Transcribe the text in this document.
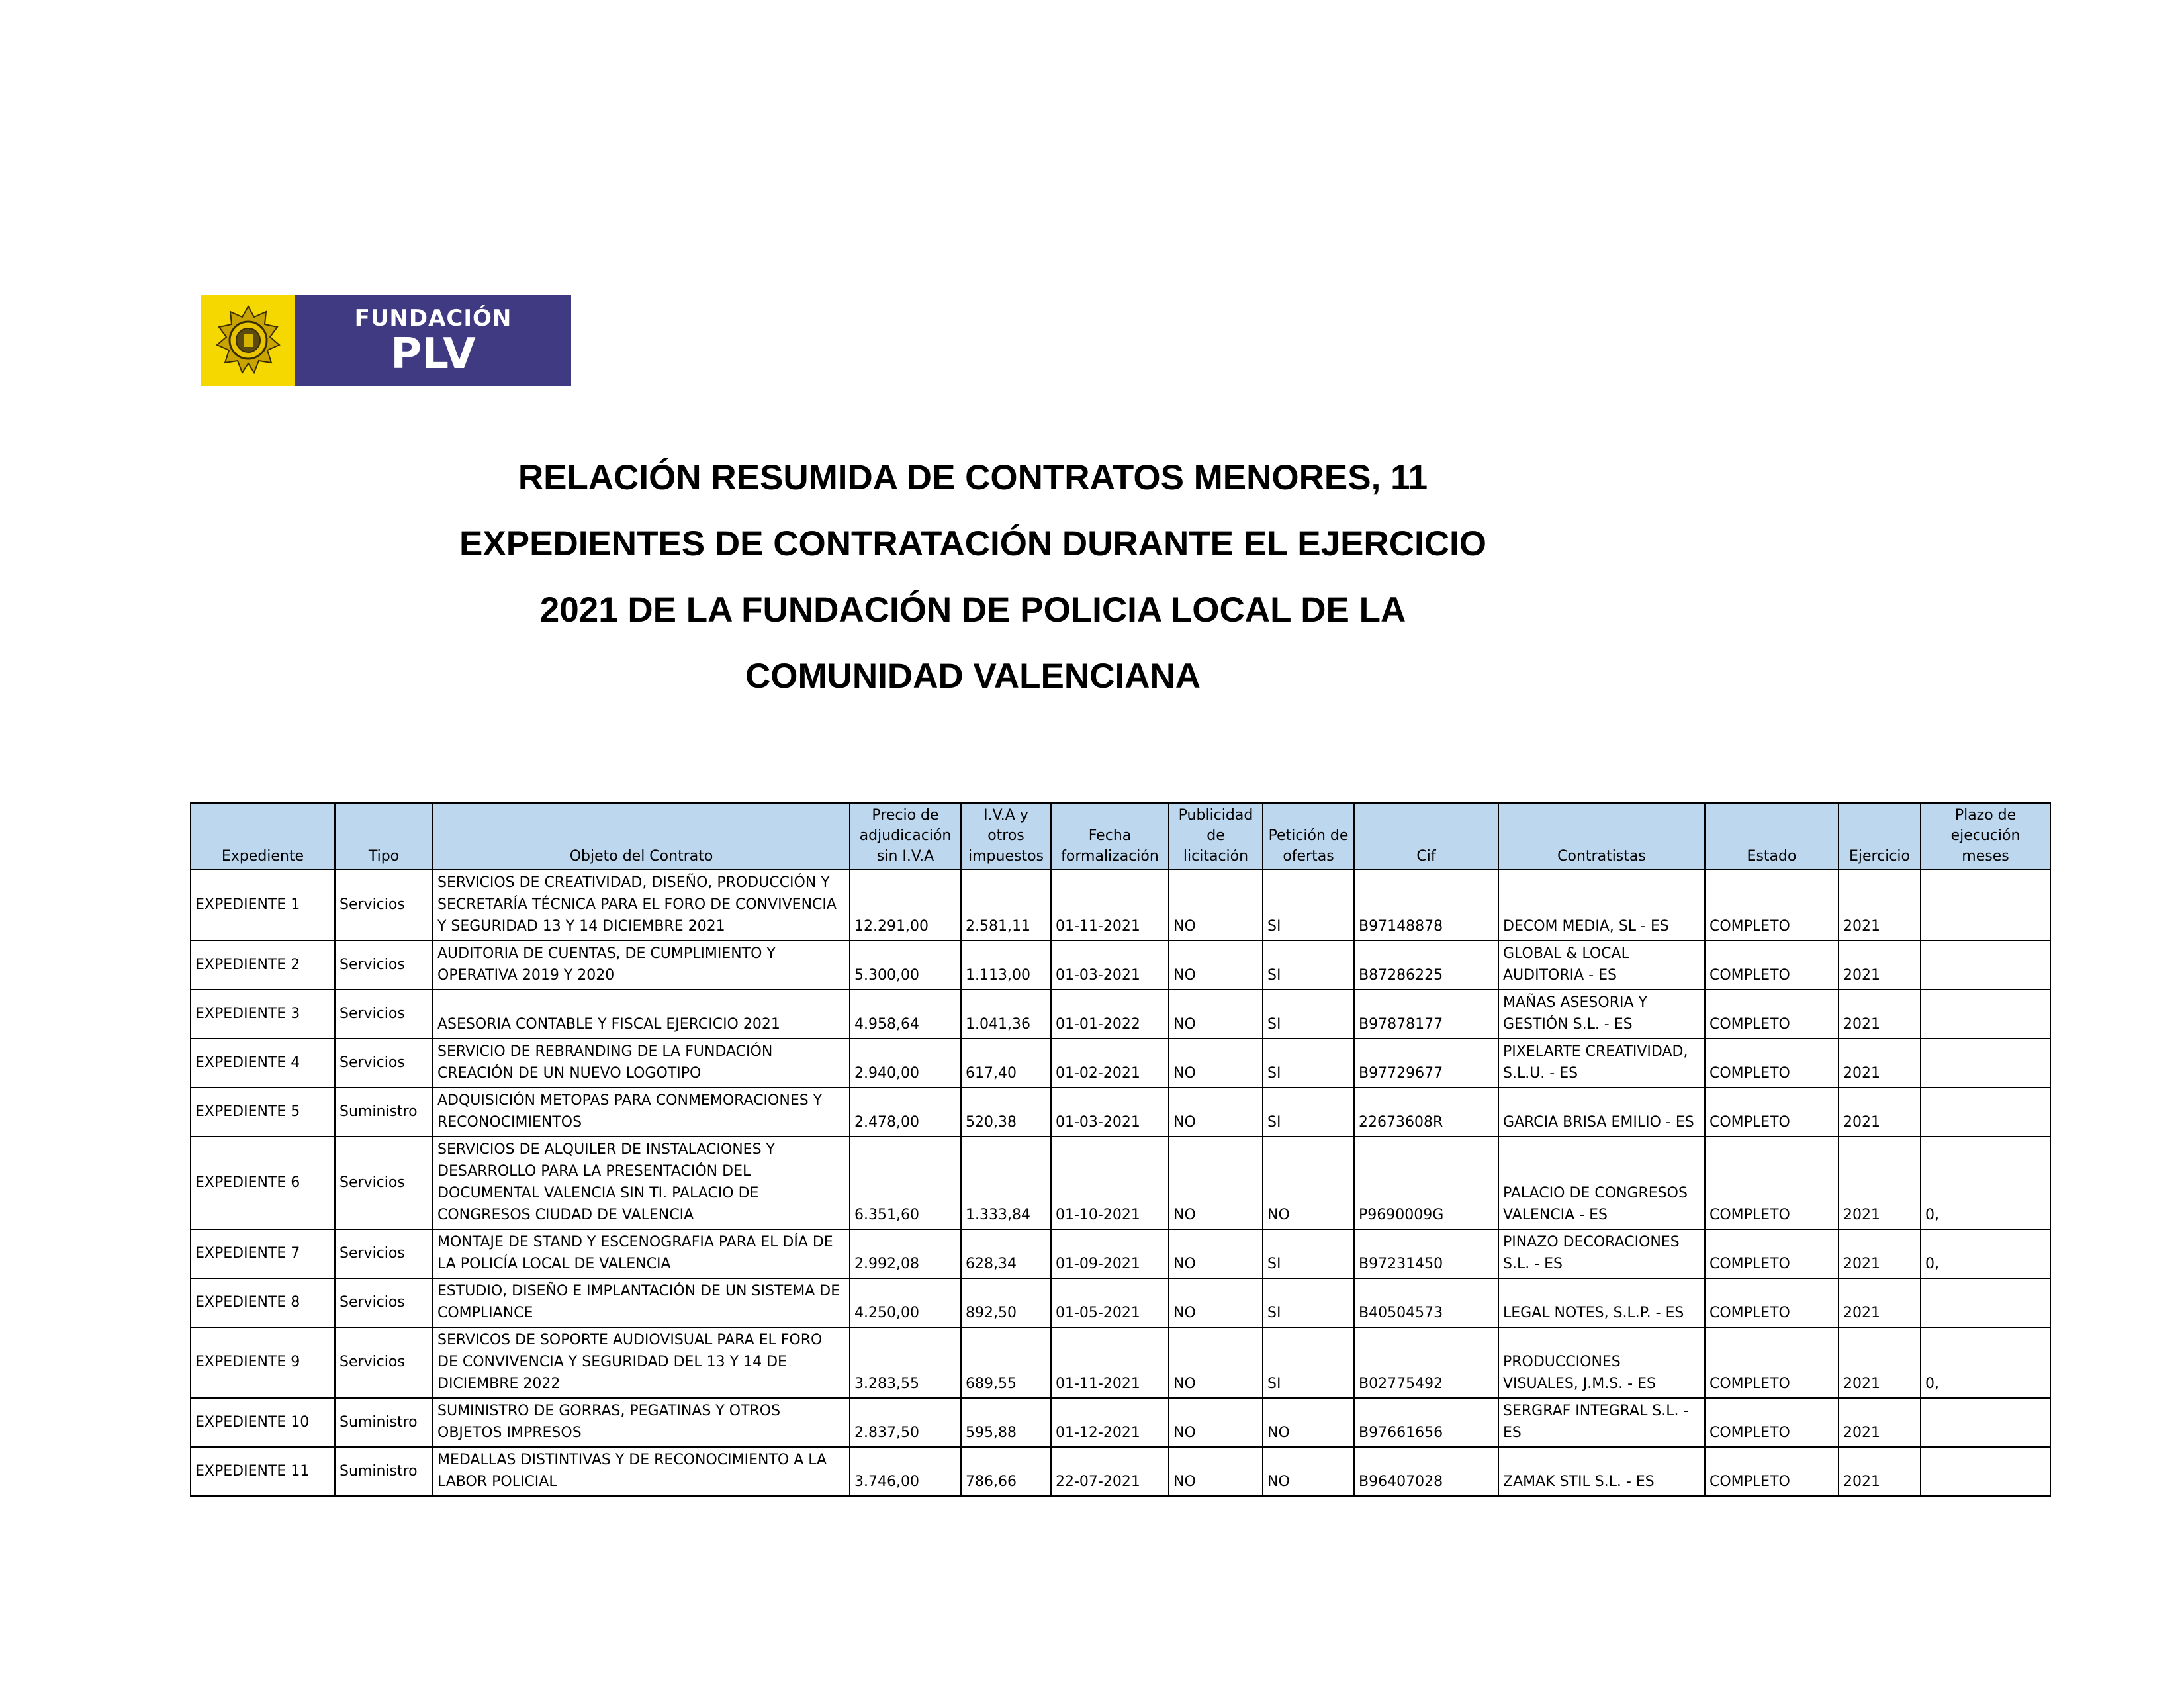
FUNDACIÓN
PLV
RELACIÓN RESUMIDA DE CONTRATOS MENORES, 11
EXPEDIENTES DE CONTRATACIÓN DURANTE EL EJERCICIO
2021 DE LA FUNDACIÓN DE POLICIA LOCAL DE LA
COMUNIDAD VALENCIANA
Expediente	Tipo	Objeto del Contrato	Precio de adjudicación sin I.V.A	I.V.A y otros impuestos	Fecha formalización	Publicidad de licitación	Petición de ofertas	Cif	Contratistas	Estado	Ejercicio	Plazo de ejecución meses
EXPEDIENTE 1	Servicios	SERVICIOS DE CREATIVIDAD, DISEÑO, PRODUCCIÓN Y SECRETARÍA TÉCNICA PARA EL FORO DE CONVIVENCIA Y SEGURIDAD 13 Y 14 DICIEMBRE 2021	12.291,00	2.581,11	01-11-2021	NO	SI	B97148878	DECOM MEDIA, SL - ES	COMPLETO	2021	
EXPEDIENTE 2	Servicios	AUDITORIA DE CUENTAS, DE CUMPLIMIENTO Y OPERATIVA 2019 Y 2020	5.300,00	1.113,00	01-03-2021	NO	SI	B87286225	GLOBAL & LOCAL AUDITORIA - ES	COMPLETO	2021	
EXPEDIENTE 3	Servicios	ASESORIA CONTABLE Y FISCAL EJERCICIO 2021	4.958,64	1.041,36	01-01-2022	NO	SI	B97878177	MAÑAS ASESORIA Y GESTIÓN S.L. - ES	COMPLETO	2021	
EXPEDIENTE 4	Servicios	SERVICIO DE REBRANDING DE LA FUNDACIÓN CREACIÓN DE UN NUEVO LOGOTIPO	2.940,00	617,40	01-02-2021	NO	SI	B97729677	PIXELARTE CREATIVIDAD, S.L.U. - ES	COMPLETO	2021	
EXPEDIENTE 5	Suministro	ADQUISICIÓN METOPAS PARA CONMEMORACIONES Y RECONOCIMIENTOS	2.478,00	520,38	01-03-2021	NO	SI	22673608R	GARCIA BRISA EMILIO - ES	COMPLETO	2021	
EXPEDIENTE 6	Servicios	SERVICIOS DE ALQUILER DE INSTALACIONES Y DESARROLLO PARA LA PRESENTACIÓN DEL DOCUMENTAL VALENCIA SIN TI. PALACIO DE CONGRESOS CIUDAD DE VALENCIA	6.351,60	1.333,84	01-10-2021	NO	NO	P9690009G	PALACIO DE CONGRESOS VALENCIA - ES	COMPLETO	2021	0,
EXPEDIENTE 7	Servicios	MONTAJE DE STAND Y ESCENOGRAFIA PARA EL DÍA DE LA POLICÍA LOCAL DE VALENCIA	2.992,08	628,34	01-09-2021	NO	SI	B97231450	PINAZO DECORACIONES S.L. - ES	COMPLETO	2021	0,
EXPEDIENTE 8	Servicios	ESTUDIO, DISEÑO E IMPLANTACIÓN DE UN SISTEMA DE COMPLIANCE	4.250,00	892,50	01-05-2021	NO	SI	B40504573	LEGAL NOTES, S.L.P. - ES	COMPLETO	2021	
EXPEDIENTE 9	Servicios	SERVICOS DE SOPORTE AUDIOVISUAL PARA EL FORO DE CONVIVENCIA Y SEGURIDAD DEL 13 Y 14 DE DICIEMBRE 2022	3.283,55	689,55	01-11-2021	NO	SI	B02775492	PRODUCCIONES VISUALES, J.M.S. - ES	COMPLETO	2021	0,
EXPEDIENTE 10	Suministro	SUMINISTRO DE GORRAS, PEGATINAS Y OTROS OBJETOS IMPRESOS	2.837,50	595,88	01-12-2021	NO	NO	B97661656	SERGRAF INTEGRAL S.L. - ES	COMPLETO	2021	
EXPEDIENTE 11	Suministro	MEDALLAS DISTINTIVAS Y DE RECONOCIMIENTO A LA LABOR POLICIAL	3.746,00	786,66	22-07-2021	NO	NO	B96407028	ZAMAK STIL S.L. - ES	COMPLETO	2021	
